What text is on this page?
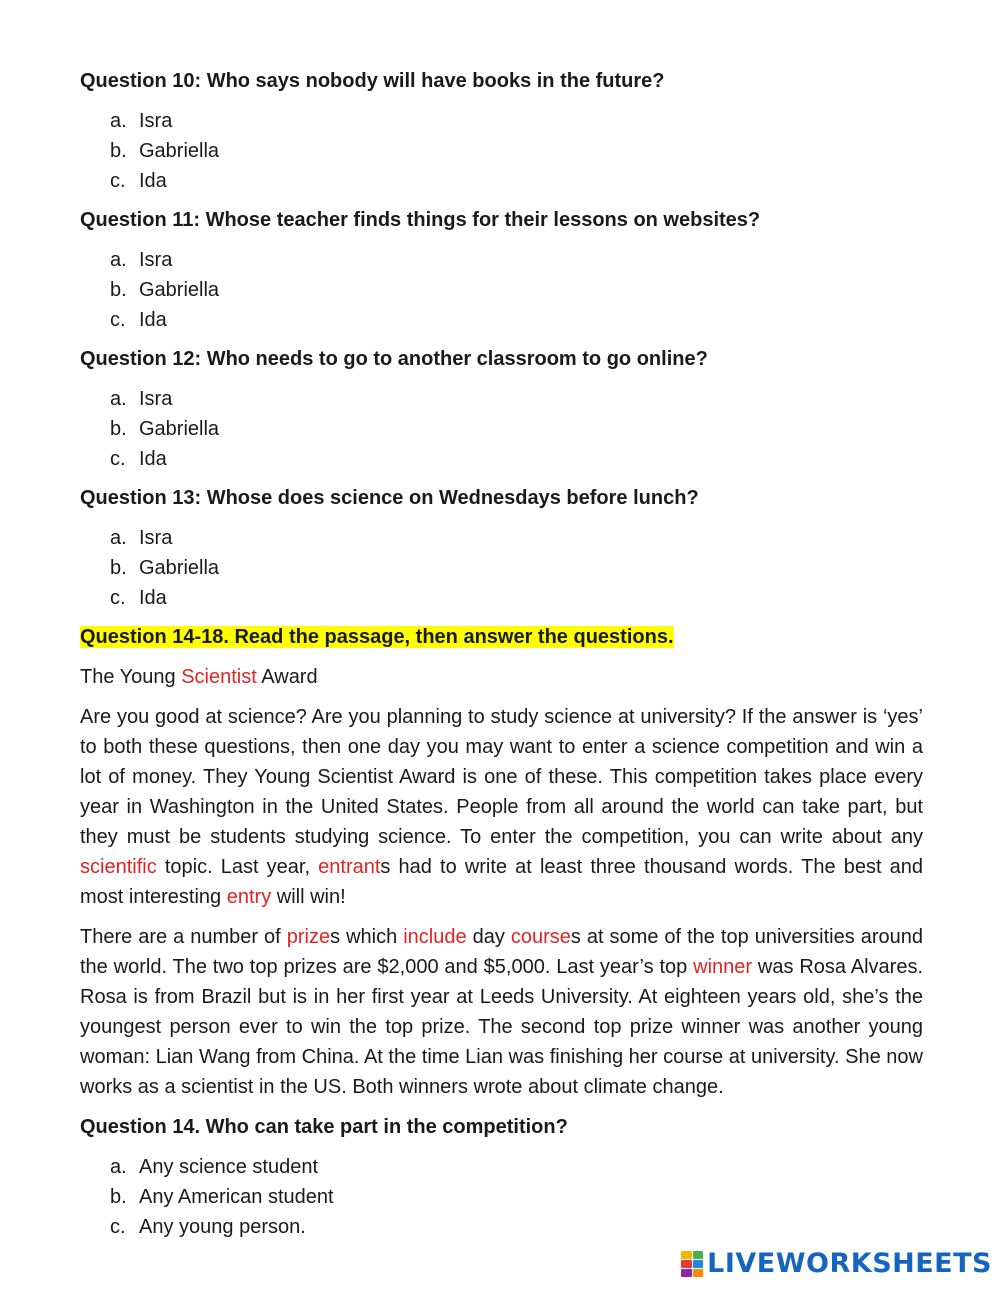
Question 10: Who says nobody will have books in the future?

a. Isra
b. Gabriella
c. Ida

Question 11: Whose teacher finds things for their lessons on websites?

a. Isra
b. Gabriella
c. Ida

Question 12: Who needs to go to another classroom to go online?

a. Isra
b. Gabriella
c. Ida

Question 13: Whose does science on Wednesdays before lunch?

a. Isra
b. Gabriella
c. Ida

Question 14-18. Read the passage, then answer the questions.

The Young Scientist Award

Are you good at science? Are you planning to study science at university? If the answer is ‘yes’ to both these questions, then one day you may want to enter a science competition and win a lot of money. They Young Scientist Award is one of these. This competition takes place every year in Washington in the United States. People from all around the world can take part, but they must be students studying science. To enter the competition, you can write about any scientific topic. Last year, entrants had to write at least three thousand words. The best and most interesting entry will win!

There are a number of prizes which include day courses at some of the top universities around the world. The two top prizes are $2,000 and $5,000. Last year’s top winner was Rosa Alvares. Rosa is from Brazil but is in her first year at Leeds University. At eighteen years old, she’s the youngest person ever to win the top prize. The second top prize winner was another young woman: Lian Wang from China. At the time Lian was finishing her course at university. She now works as a scientist in the US. Both winners wrote about climate change.

Question 14. Who can take part in the competition?

a. Any science student
b. Any American student
c. Any young person.
LIVEWORKSHEETS
